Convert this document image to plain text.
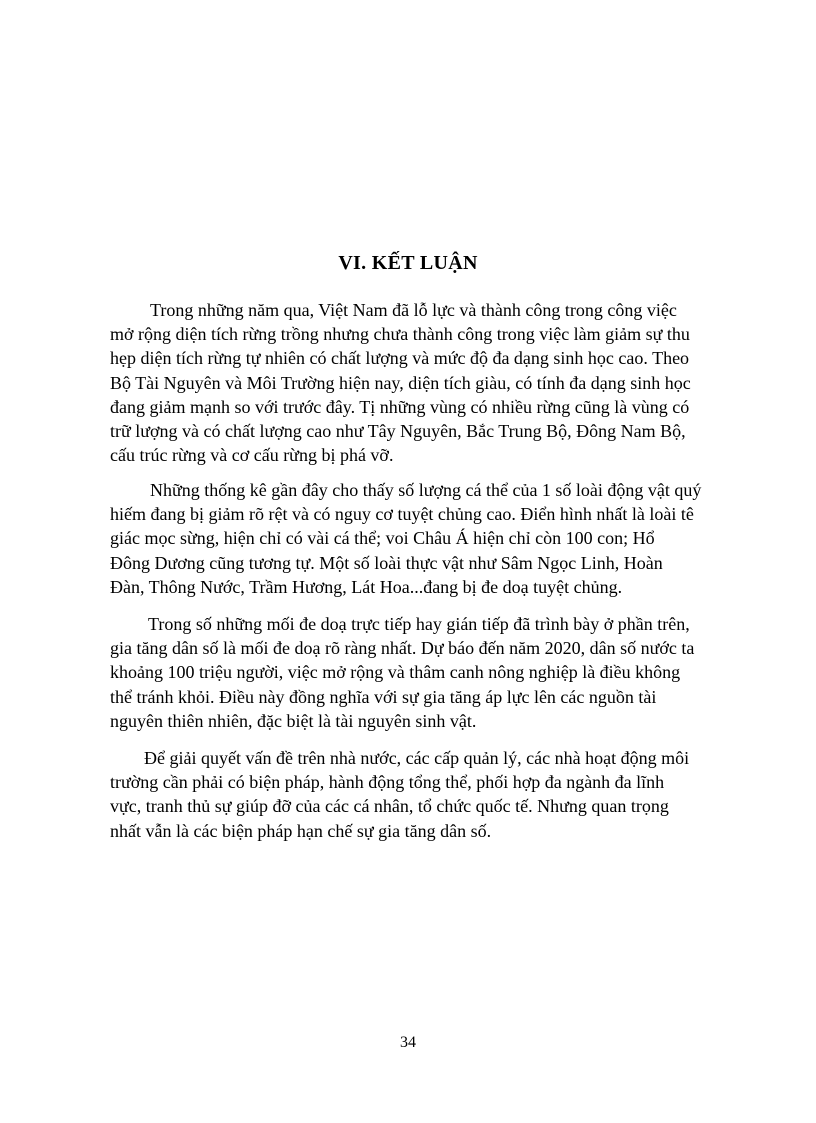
VI. KẾT LUẬN
Trong những năm qua, Việt Nam đã lỗ lực và thành công trong công việc
mở rộng diện tích rừng trồng nhưng chưa thành công trong việc làm giảm sự thu
hẹp diện tích rừng tự nhiên có chất lượng và mức độ đa dạng sinh học cao. Theo
Bộ Tài Nguyên và Môi Trường hiện nay, diện tích giàu, có tính đa dạng sinh học
đang giảm mạnh so với trước đây. Tị những vùng có nhiều rừng cũng là vùng có
trữ lượng và có chất lượng cao như Tây Nguyên, Bắc Trung Bộ, Đông Nam Bộ,
cấu trúc rừng và cơ cấu rừng bị phá vỡ.
Những thống kê gần đây cho thấy số lượng cá thể của 1 số loài động vật quý
hiếm đang bị giảm rõ rệt và có nguy cơ tuyệt chủng cao. Điển hình nhất là loài tê
giác mọc sừng, hiện chỉ có vài cá thể; voi Châu Á hiện chỉ còn 100 con; Hổ
Đông Dương cũng tương tự. Một số loài thực vật như Sâm Ngọc Linh, Hoàn
Đàn, Thông Nước, Trầm Hương, Lát Hoa...đang bị đe doạ tuyệt chủng.
Trong số những mối đe doạ trực tiếp hay gián tiếp đã trình bày ở phần trên,
gia tăng dân số là mối đe doạ rõ ràng nhất. Dự báo đến năm 2020, dân số nước ta
khoảng 100 triệu người, việc mở rộng và thâm canh nông nghiệp là điều không
thể tránh khỏi. Điều này đồng nghĩa với sự gia tăng áp lực lên các nguồn tài
nguyên thiên nhiên, đặc biệt là tài nguyên sinh vật.
Để giải quyết vấn đề trên nhà nước, các cấp quản lý, các nhà hoạt động môi
trường cần phải có biện pháp, hành động tổng thể, phối hợp đa ngành đa lĩnh
vực, tranh thủ sự giúp đỡ của các cá nhân, tổ chức quốc tế. Nhưng quan trọng
nhất vẫn là các biện pháp hạn chế sự gia tăng dân số.
34
